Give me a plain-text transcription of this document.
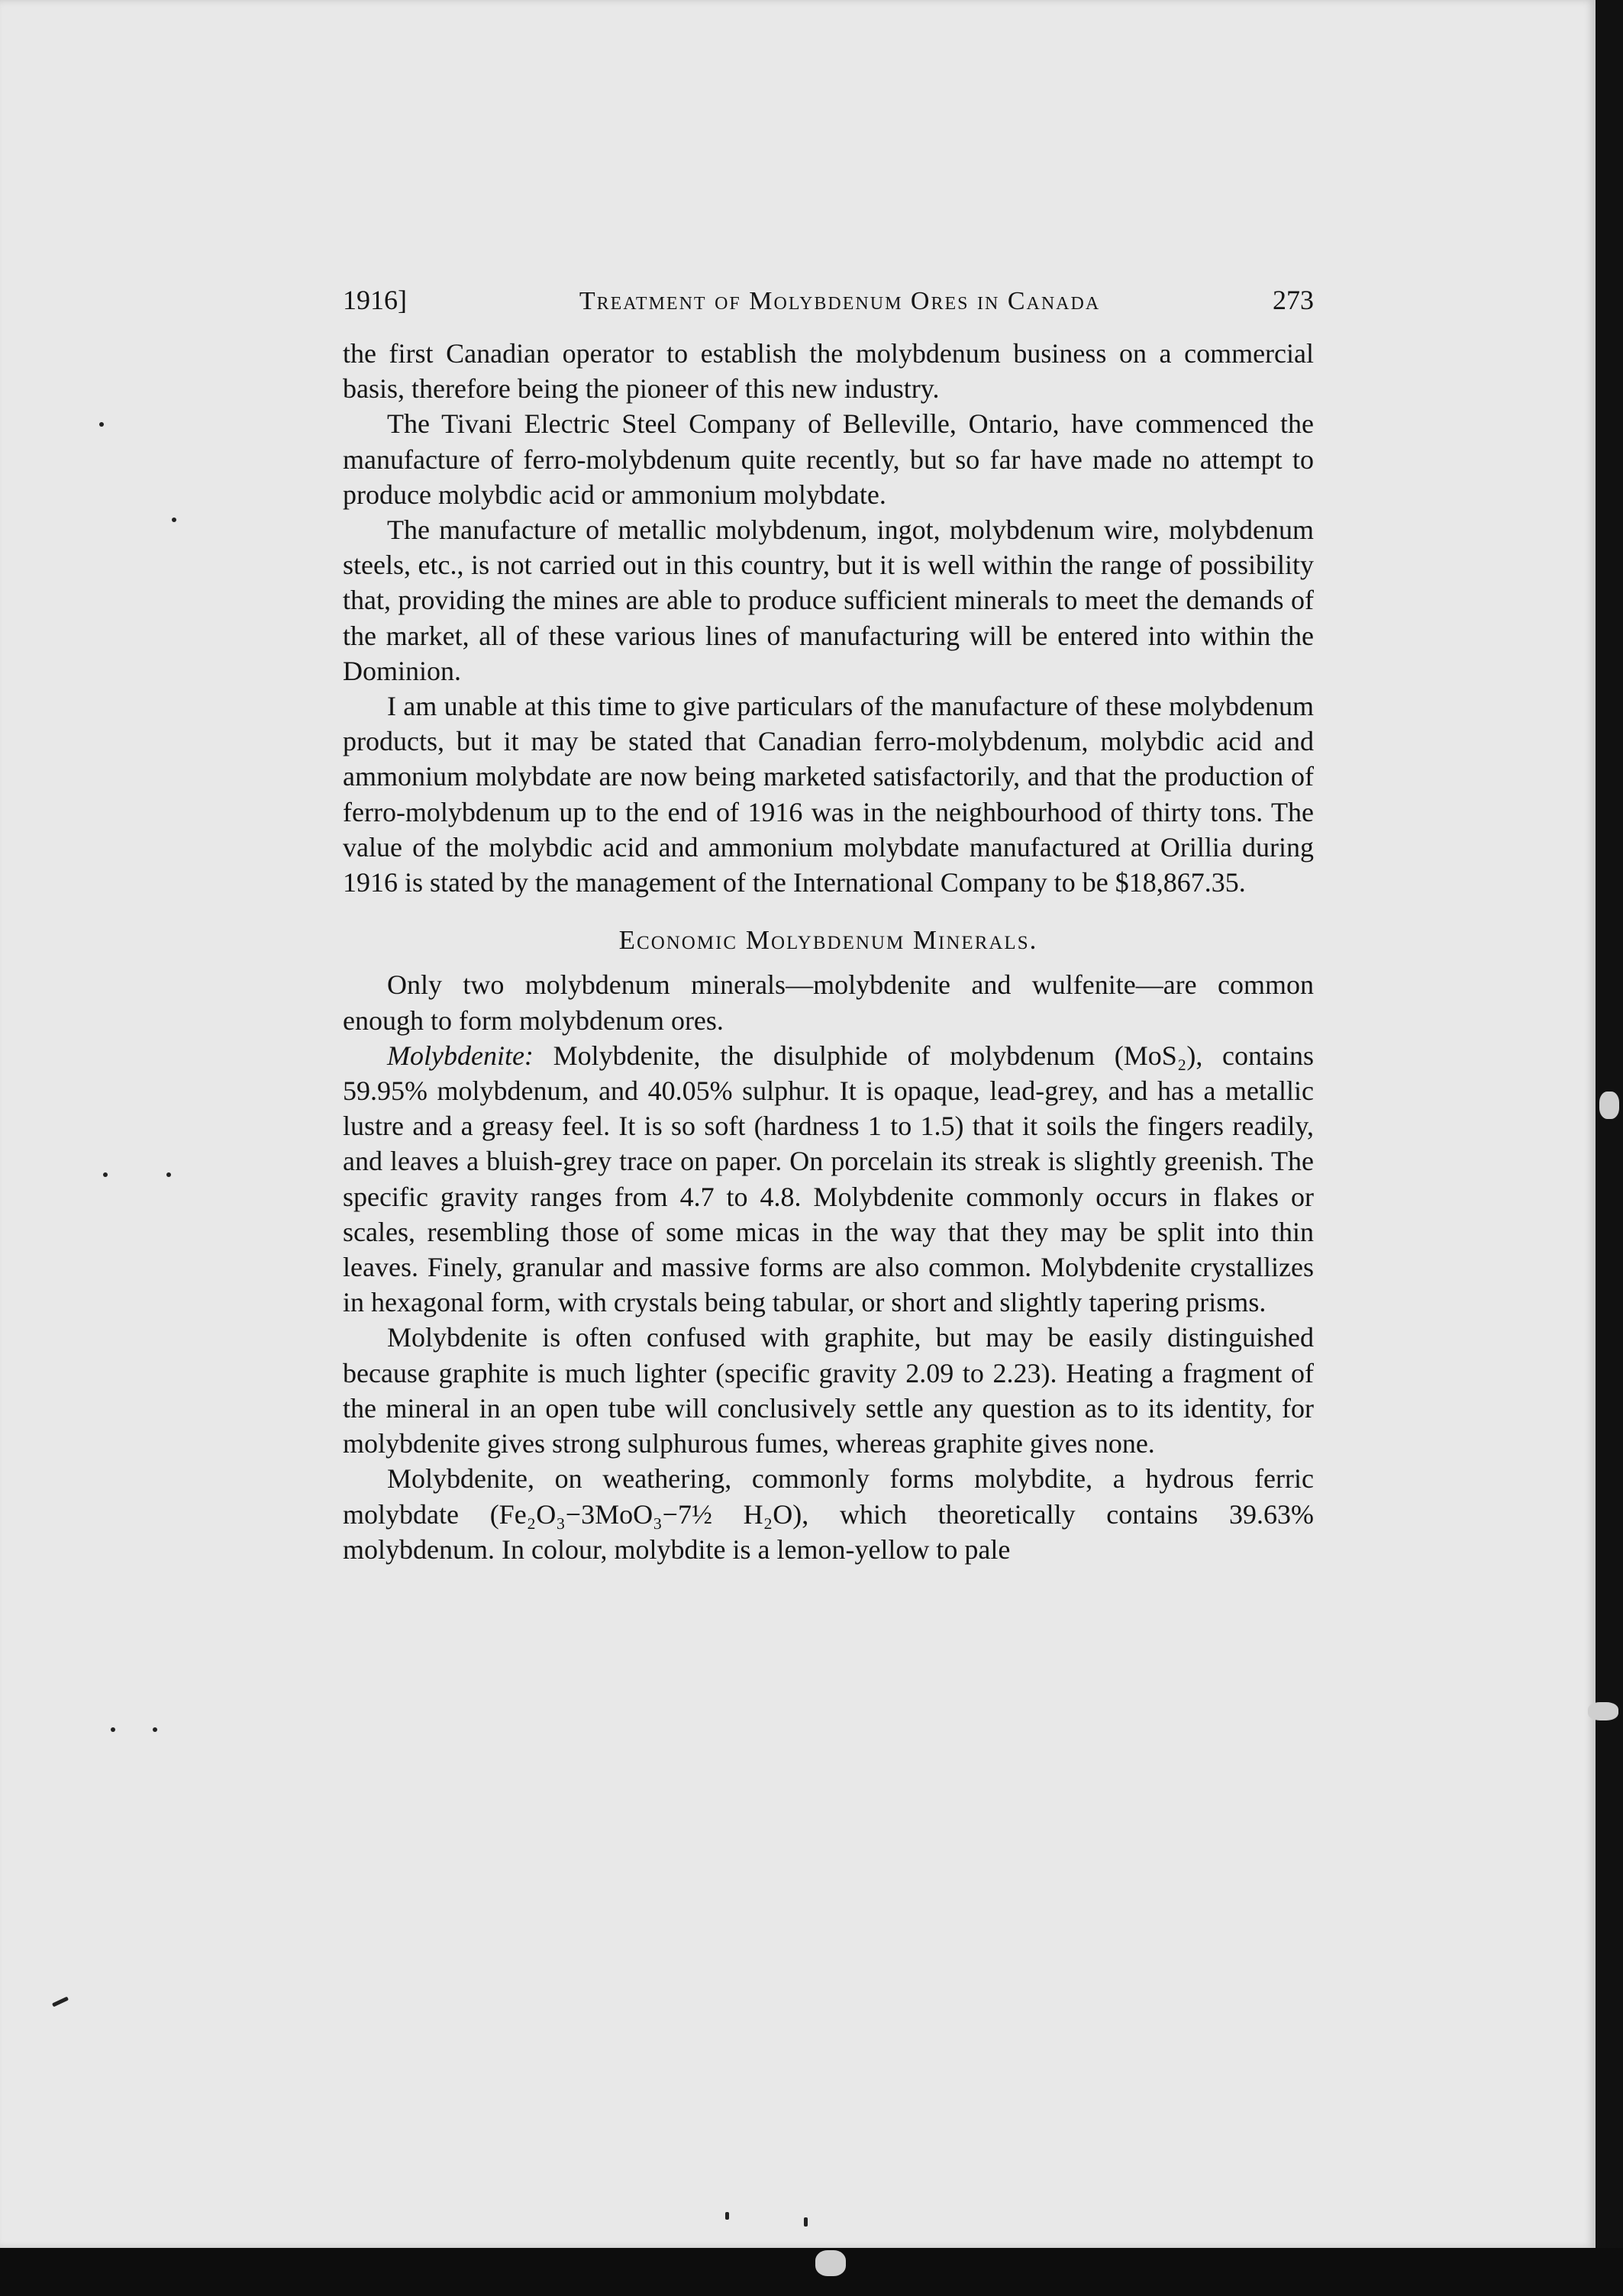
1916]	Treatment of Molybdenum Ores in Canada	273

the first Canadian operator to establish the molybdenum business on a commercial basis, therefore being the pioneer of this new industry.

The Tivani Electric Steel Company of Belleville, Ontario, have commenced the manufacture of ferro-molybdenum quite recently, but so far have made no attempt to produce molybdic acid or ammonium molybdate.

The manufacture of metallic molybdenum, ingot, molybdenum wire, molybdenum steels, etc., is not carried out in this country, but it is well within the range of possibility that, providing the mines are able to produce sufficient minerals to meet the demands of the market, all of these various lines of manufacturing will be entered into within the Dominion.

I am unable at this time to give particulars of the manufacture of these molybdenum products, but it may be stated that Canadian ferro-molybdenum, molybdic acid and ammonium molybdate are now being marketed satisfactorily, and that the production of ferro-molybdenum up to the end of 1916 was in the neighbourhood of thirty tons. The value of the molybdic acid and ammonium molybdate manufactured at Orillia during 1916 is stated by the management of the International Company to be $18,867.35.

Economic Molybdenum Minerals.

Only two molybdenum minerals—molybdenite and wulfenite—are common enough to form molybdenum ores.

Molybdenite: Molybdenite, the disulphide of molybdenum (MoS₂), contains 59.95% molybdenum, and 40.05% sulphur. It is opaque, lead-grey, and has a metallic lustre and a greasy feel. It is so soft (hardness 1 to 1.5) that it soils the fingers readily, and leaves a bluish-grey trace on paper. On porcelain its streak is slightly greenish. The specific gravity ranges from 4.7 to 4.8. Molybdenite commonly occurs in flakes or scales, resembling those of some micas in the way that they may be split into thin leaves. Finely, granular and massive forms are also common. Molybdenite crystallizes in hexagonal form, with crystals being tabular, or short and slightly tapering prisms.

Molybdenite is often confused with graphite, but may be easily distinguished because graphite is much lighter (specific gravity 2.09 to 2.23). Heating a fragment of the mineral in an open tube will conclusively settle any question as to its identity, for molybdenite gives strong sulphurous fumes, whereas graphite gives none.

Molybdenite, on weathering, commonly forms molybdite, a hydrous ferric molybdate (Fe₂O₃−3MoO₃−7½ H₂O), which theoretically contains 39.63% molybdenum. In colour, molybdite is a lemon-yellow to pale
